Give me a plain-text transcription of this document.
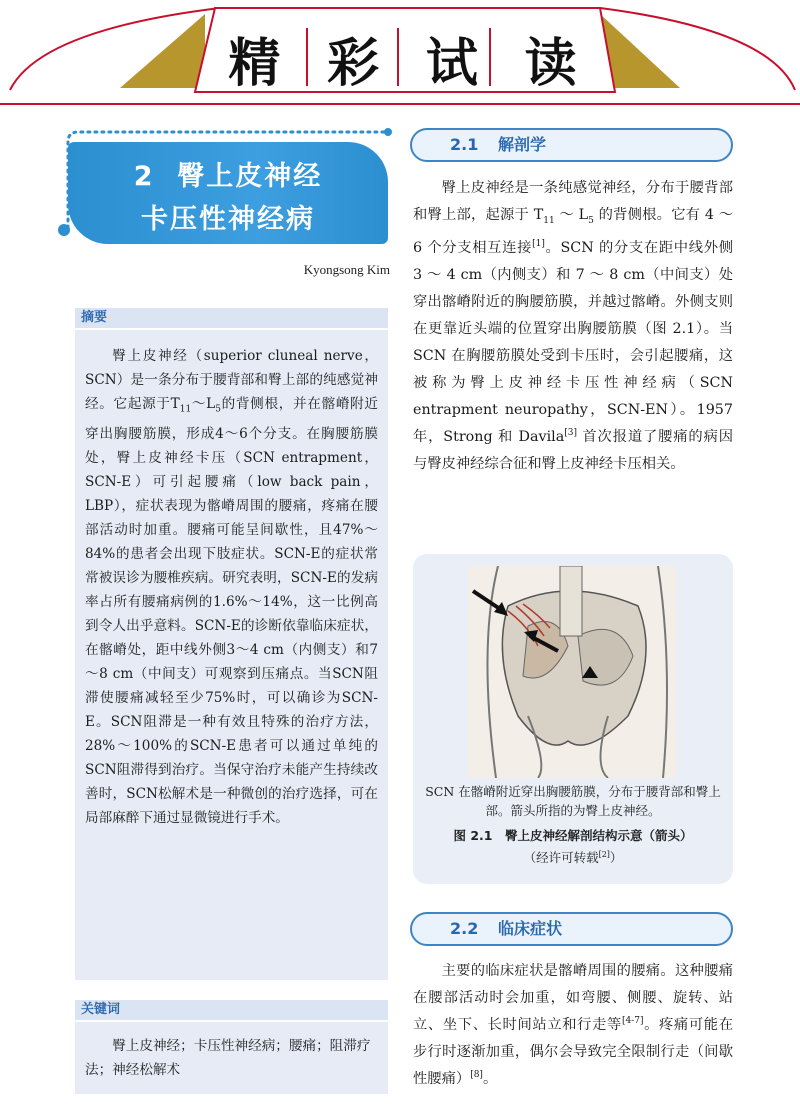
精 彩 试 读
2 臀上皮神经
卡压性神经病
Kyongsong Kim
摘要

臀上皮神经（superior cluneal nerve，SCN）是一条分布于腰背部和臀上部的纯感觉神经。它起源于$T_{11}\sim L_5$的背侧根，并在髂嵴附近穿出胸腰筋膜，形成4～6个分支。在胸腰筋膜处，臀上皮神经卡压（SCN entrapment，SCN-E）可引起腰痛（low back pain，LBP），症状表现为髂嵴周围的腰痛，疼痛在腰部活动时加重。腰痛可能呈间歇性，且47%～84%的患者会出现下肢症状。SCN-E的症状常常被误诊为腰椎疾病。研究表明，SCN-E的发病率占所有腰痛病例的1.6%～14%，这一比例高到令人出乎意料。SCN-E的诊断依靠临床症状，在髂嵴处，距中线外侧3～4 cm（内侧支）和7～8 cm（中间支）可观察到压痛点。当SCN阻滞使腰痛减轻至少75%时，可以确诊为SCN-E。SCN阻滞是一种有效且特殊的治疗方法，28%～100%的SCN-E患者可以通过单纯的SCN阻滞得到治疗。当保守治疗未能产生持续改善时，SCN松解术是一种微创的治疗选择，可在局部麻醉下通过显微镜进行手术。

关键词

臀上皮神经；卡压性神经病；腰痛；阻滞疗法；神经松解术

2.1 解剖学

臀上皮神经是一条纯感觉神经，分布于腰背部和臀上部，起源于 $T_{11}$ ～ $L_5$ 的背侧根。它有 4 ～ 6 个分支相互连接[1]。SCN 的分支在距中线外侧 3 ～ 4 cm（内侧支）和 7 ～ 8 cm（中间支）处穿出髂嵴附近的胸腰筋膜，并越过髂嵴。外侧支则在更靠近头端的位置穿出胸腰筋膜（图 2.1）。当 SCN 在胸腰筋膜处受到卡压时，会引起腰痛，这被称为臀上皮神经卡压性神经病（SCN entrapment neuropathy，SCN-EN）。1957 年，Strong 和 Davila[3] 首次报道了腰痛的病因与臀皮神经综合征和臀上皮神经卡压相关。

SCN 在髂嵴附近穿出胸腰筋膜，分布于腰背部和臀上部。箭头所指的为臀上皮神经。
图 2.1　臀上皮神经解剖结构示意（箭头）
（经许可转载[2]）
2.2 临床症状

主要的临床症状是髂嵴周围的腰痛。这种腰痛在腰部活动时会加重，如弯腰、侧腰、旋转、站立、坐下、长时间站立和行走等[4-7]。疼痛可能在步行时逐渐加重，偶尔会导致完全限制行走（间歇性腰痛）[8]。
